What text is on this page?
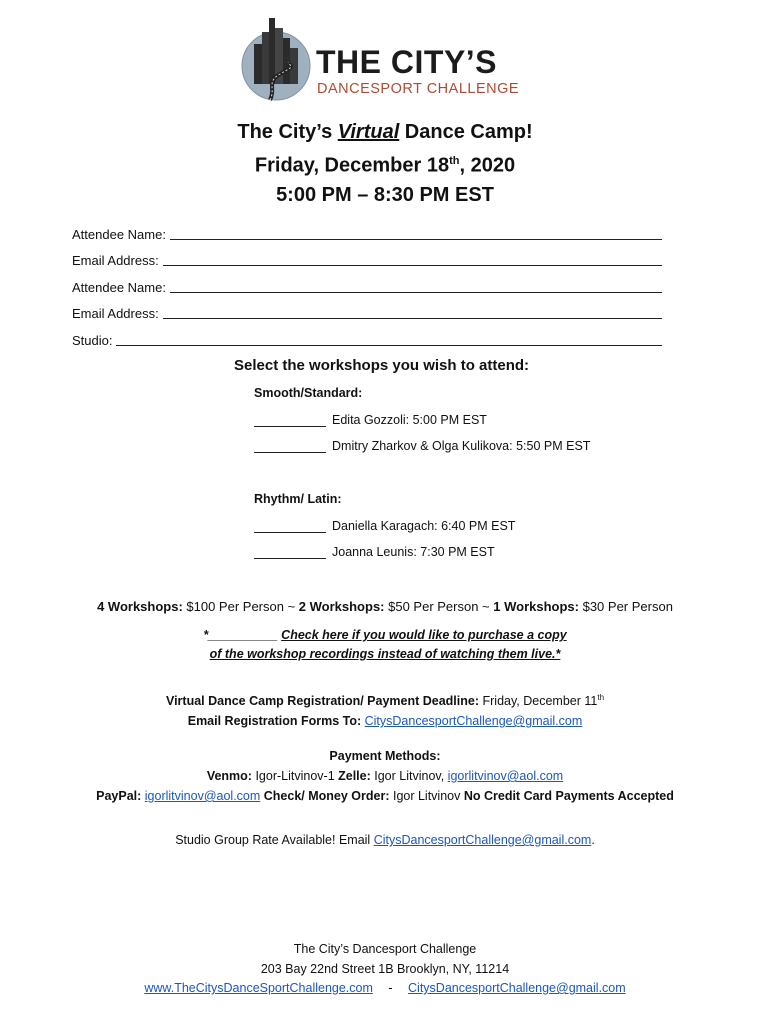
THE CITY’S
DANCESPORT CHALLENGE
The City’s Virtual Dance Camp!
Friday, December 18th, 2020
5:00 PM – 8:30 PM EST
Attendee Name:
Email Address:
Attendee Name:
Email Address:
Studio:
Select the workshops you wish to attend:
Smooth/Standard:
Edita Gozzoli: 5:00 PM EST
Dmitry Zharkov & Olga Kulikova: 5:50 PM EST
Rhythm/ Latin:
Daniella Karagach: 6:40 PM EST
Joanna Leunis: 7:30 PM EST
4 Workshops: $100 Per Person ~ 2 Workshops: $50 Per Person ~ 1 Workshops: $30 Per Person
*__________ Check here if you would like to purchase a copy
of the workshop recordings instead of watching them live.*
Virtual Dance Camp Registration/ Payment Deadline: Friday, December 11th
Email Registration Forms To: CitysDancesportChallenge@gmail.com
Payment Methods:
Venmo: Igor-Litvinov-1 Zelle: Igor Litvinov, igorlitvinov@aol.com
PayPal: igorlitvinov@aol.com Check/ Money Order: Igor Litvinov No Credit Card Payments Accepted
Studio Group Rate Available! Email CitysDancesportChallenge@gmail.com.
The City’s Dancesport Challenge
203 Bay 22nd Street 1B Brooklyn, NY, 11214
www.TheCitysDanceSportChallenge.com - CitysDancesportChallenge@gmail.com
